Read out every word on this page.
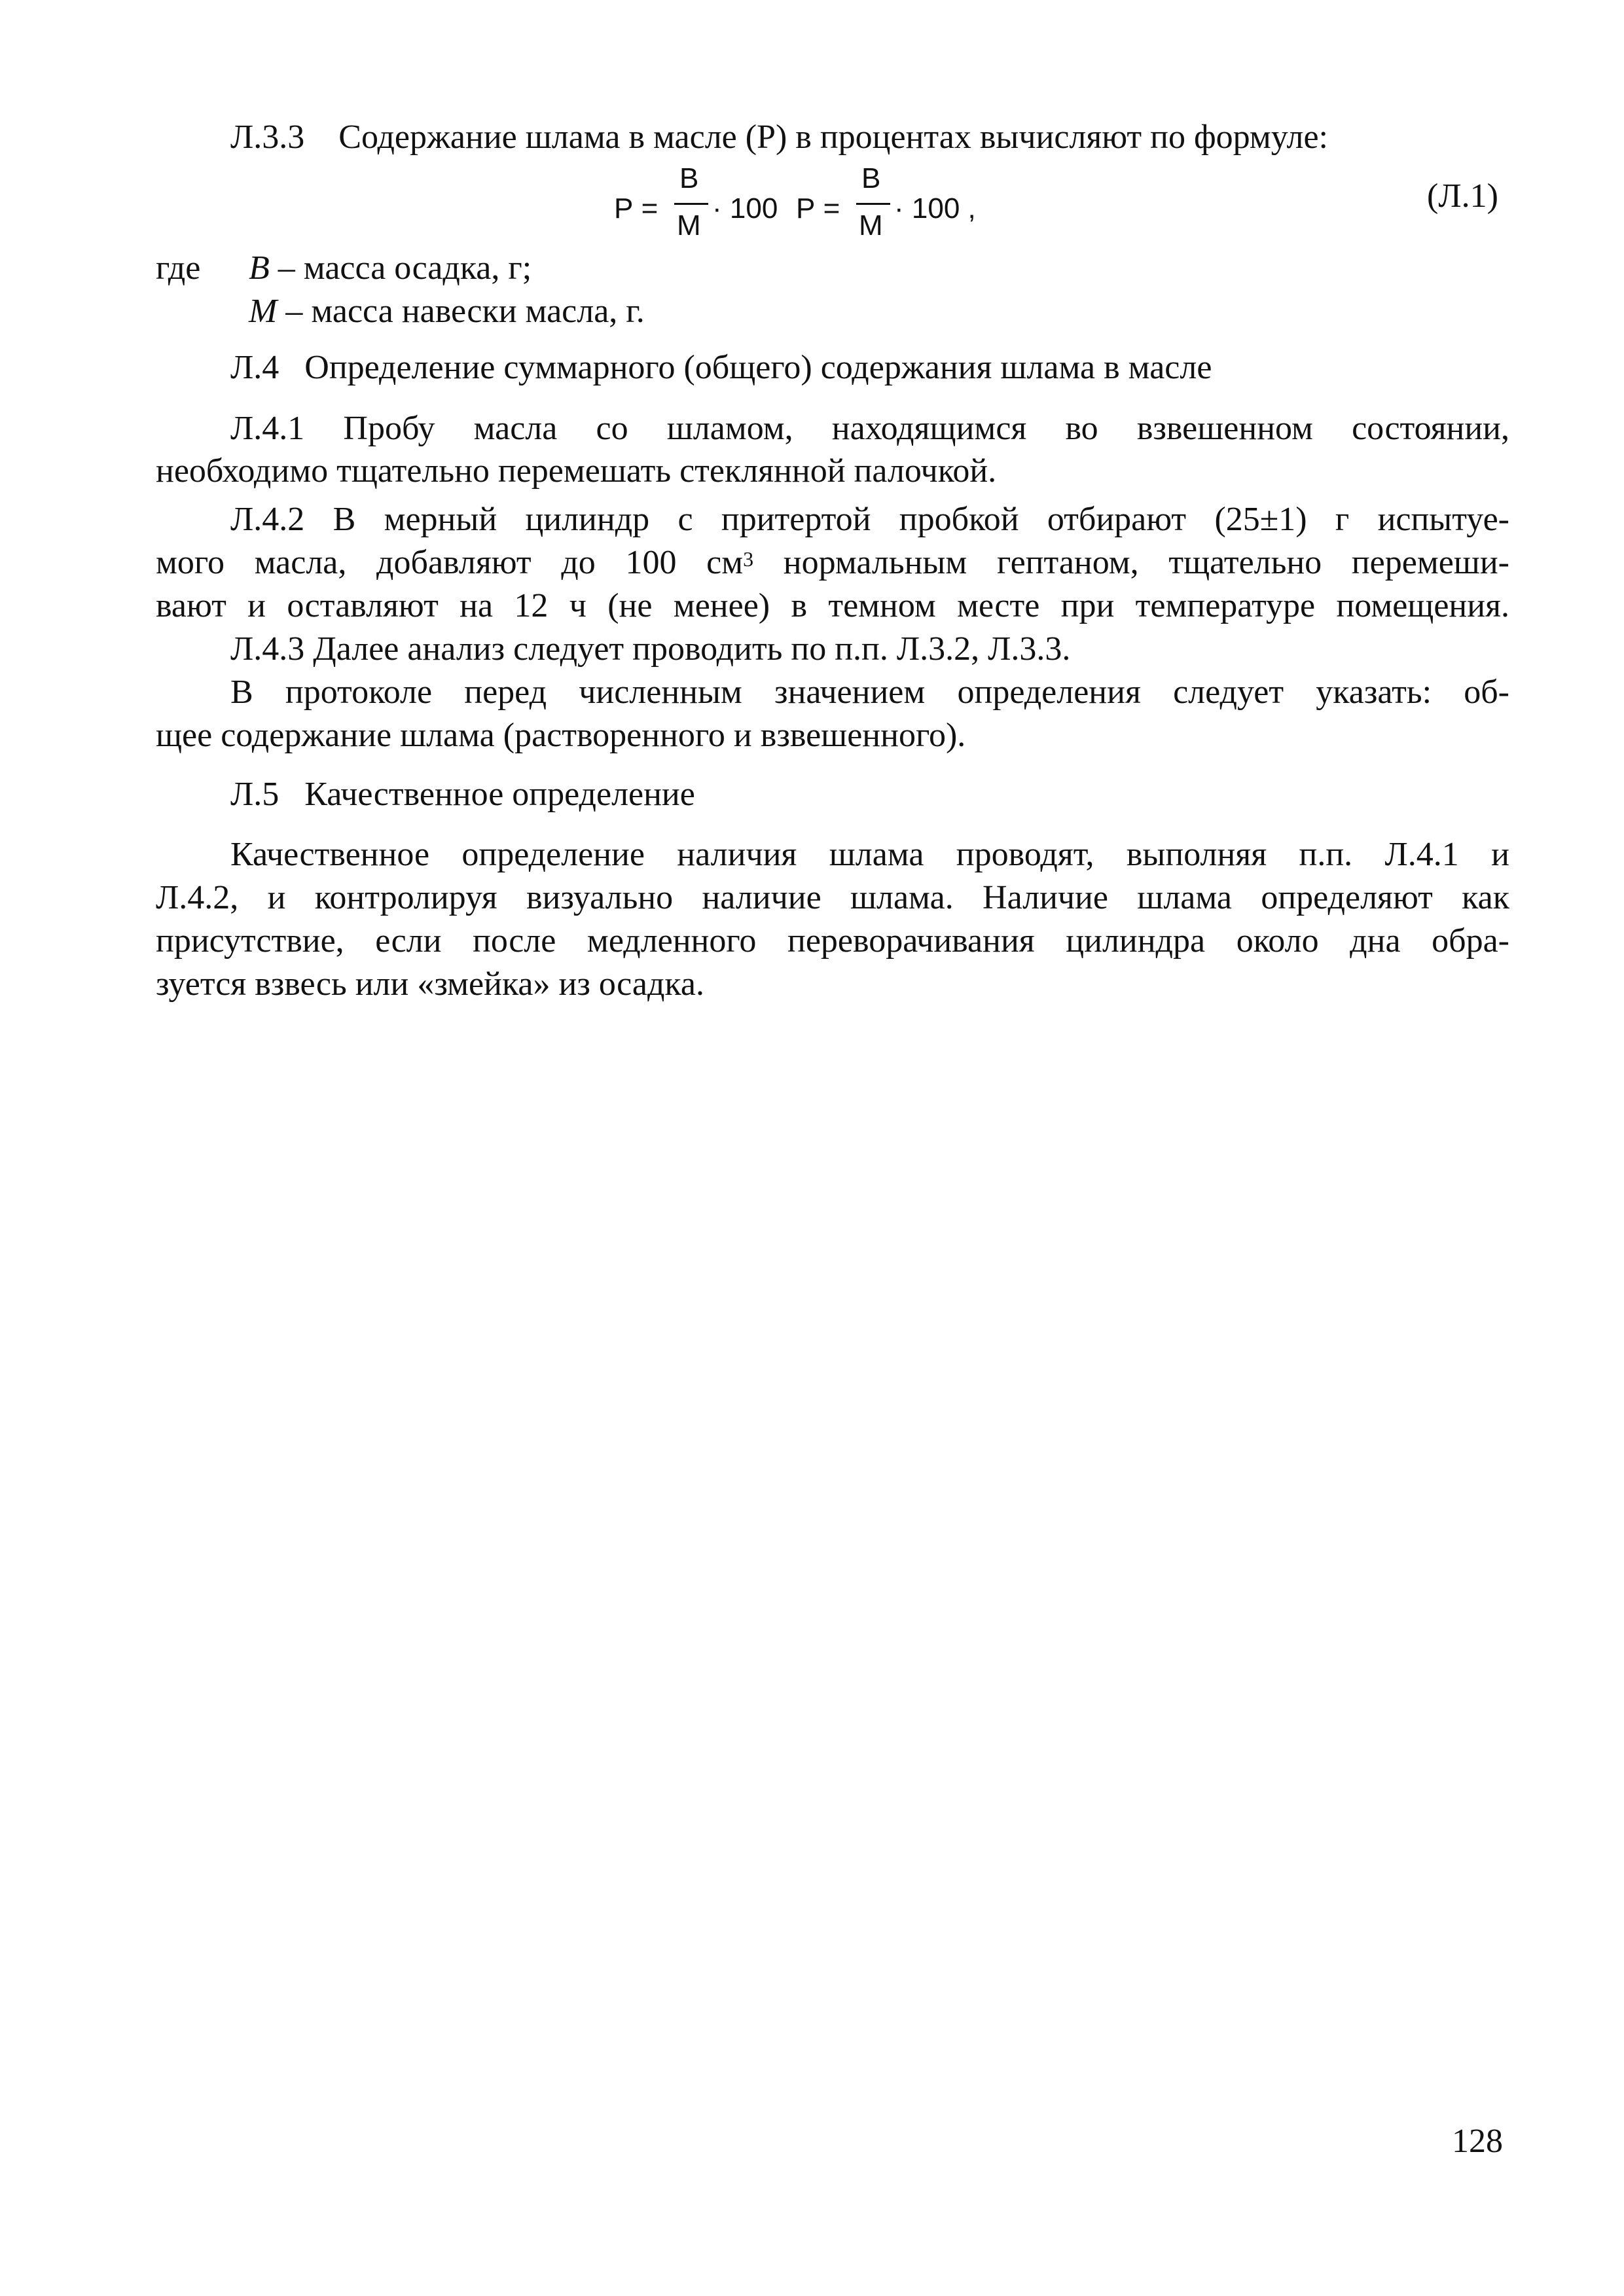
Л.3.3 Содержание шлама в масле (Р) в процентах вычисляют по формуле:
Р =
В
М
· 100 Р =
В
М
· 100 ,	(Л.1)
где В – масса осадка, г;
М – масса навески масла, г.
Л.4 Определение суммарного (общего) содержания шлама в масле
Л.4.1 Пробу масла со шламом, находящимся во взвешенном состоянии,
необходимо тщательно перемешать стеклянной палочкой.
Л.4.2 В мерный цилиндр с притертой пробкой отбирают (25±1) г испытуе-
мого масла, добавляют до 100 $см^3$ нормальным гептаном, тщательно перемеши-
вают и оставляют на 12 ч (не менее) в темном месте при температуре помещения.
Л.4.3 Далее анализ следует проводить по п.п. Л.3.2, Л.3.3.
В протоколе перед численным значением определения следует указать: об-
щее содержание шлама (растворенного и взвешенного).
Л.5 Качественное определение
Качественное определение наличия шлама проводят, выполняя п.п. Л.4.1 и
Л.4.2, и контролируя визуально наличие шлама. Наличие шлама определяют как
присутствие, если после медленного переворачивания цилиндра около дна обра-
зуется взвесь или «змейка» из осадка.
128
